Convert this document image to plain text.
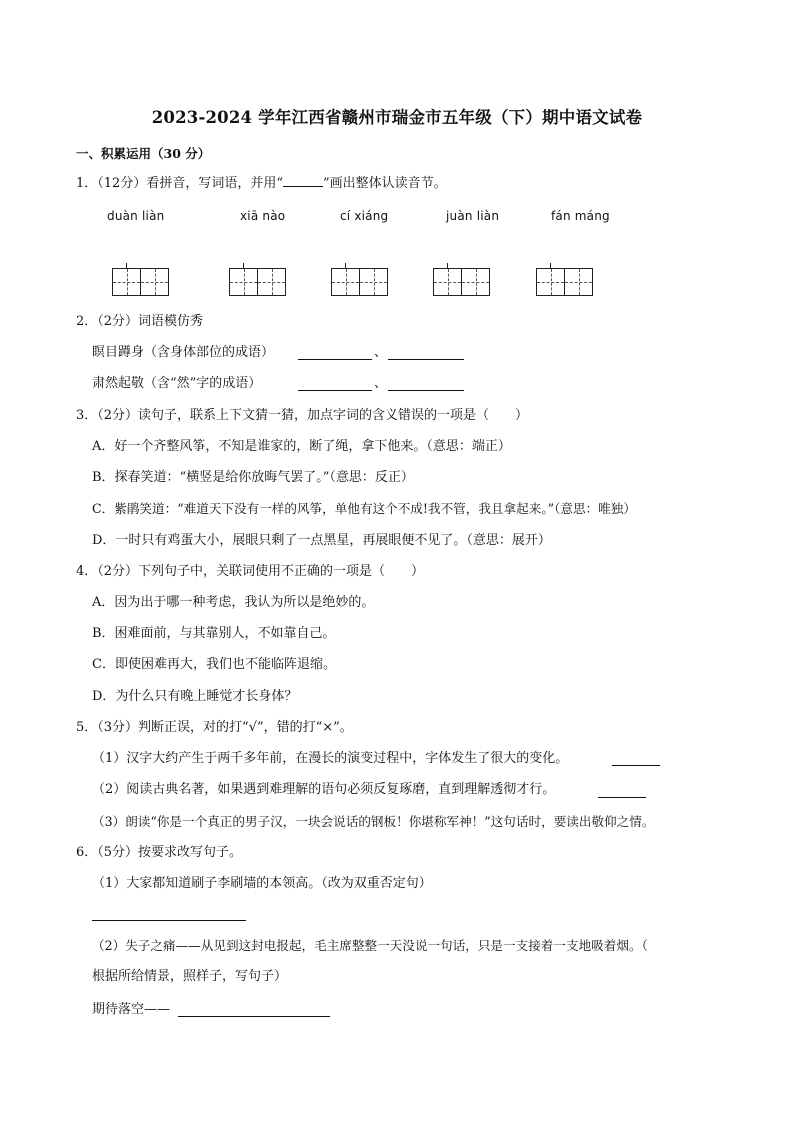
2023-2024 学年江西省赣州市瑞金市五年级（下）期中语文试卷
一、积累运用（30 分）
1．（12分）看拼音，写词语，并用“	”画出整体认读音节。
duàn liàn	xiā nào	cí xiáng	juàn liàn	fán máng
2．（2分）词语模仿秀
瞑目蹲身（含身体部位的成语）	、
肃然起敬（含“然”字的成语）	、
3．（2分）读句子，联系上下文猜一猜，加点字词的含义错误的一项是（　　）
A．好一个齐整风筝，不知是谁家的，断了绳，拿下他来。（意思：端正）
B．探春笑道：“横竖是给你放晦气罢了。”（意思：反正）
C．紫鹃笑道：“难道天下没有一样的风筝，单他有这个不成!我不管，我且拿起来。”（意思：唯独）
D．一时只有鸡蛋大小，展眼只剩了一点黑星，再展眼便不见了。（意思：展开）
4．（2分）下列句子中，关联词使用不正确的一项是（　　）
A．因为出于哪一种考虑，我认为所以是绝妙的。
B．困难面前，与其靠别人，不如靠自己。
C．即使困难再大，我们也不能临阵退缩。
D．为什么只有晚上睡觉才长身体？
5．（3分）判断正误，对的打“√”，错的打“×”。
（1）汉字大约产生于两千多年前，在漫长的演变过程中，字体发生了很大的变化。
（2）阅读古典名著，如果遇到难理解的语句必须反复琢磨，直到理解透彻才行。
（3）朗读“你是一个真正的男子汉，一块会说话的钢板！你堪称军神！”这句话时，要读出敬仰之情。
6．（5分）按要求改写句子。
（1）大家都知道刷子李刷墙的本领高。（改为双重否定句）
（2）失子之痛——从见到这封电报起，毛主席整整一天没说一句话，只是一支接着一支地吸着烟。（
根据所给情景，照样子，写句子）
期待落空——
